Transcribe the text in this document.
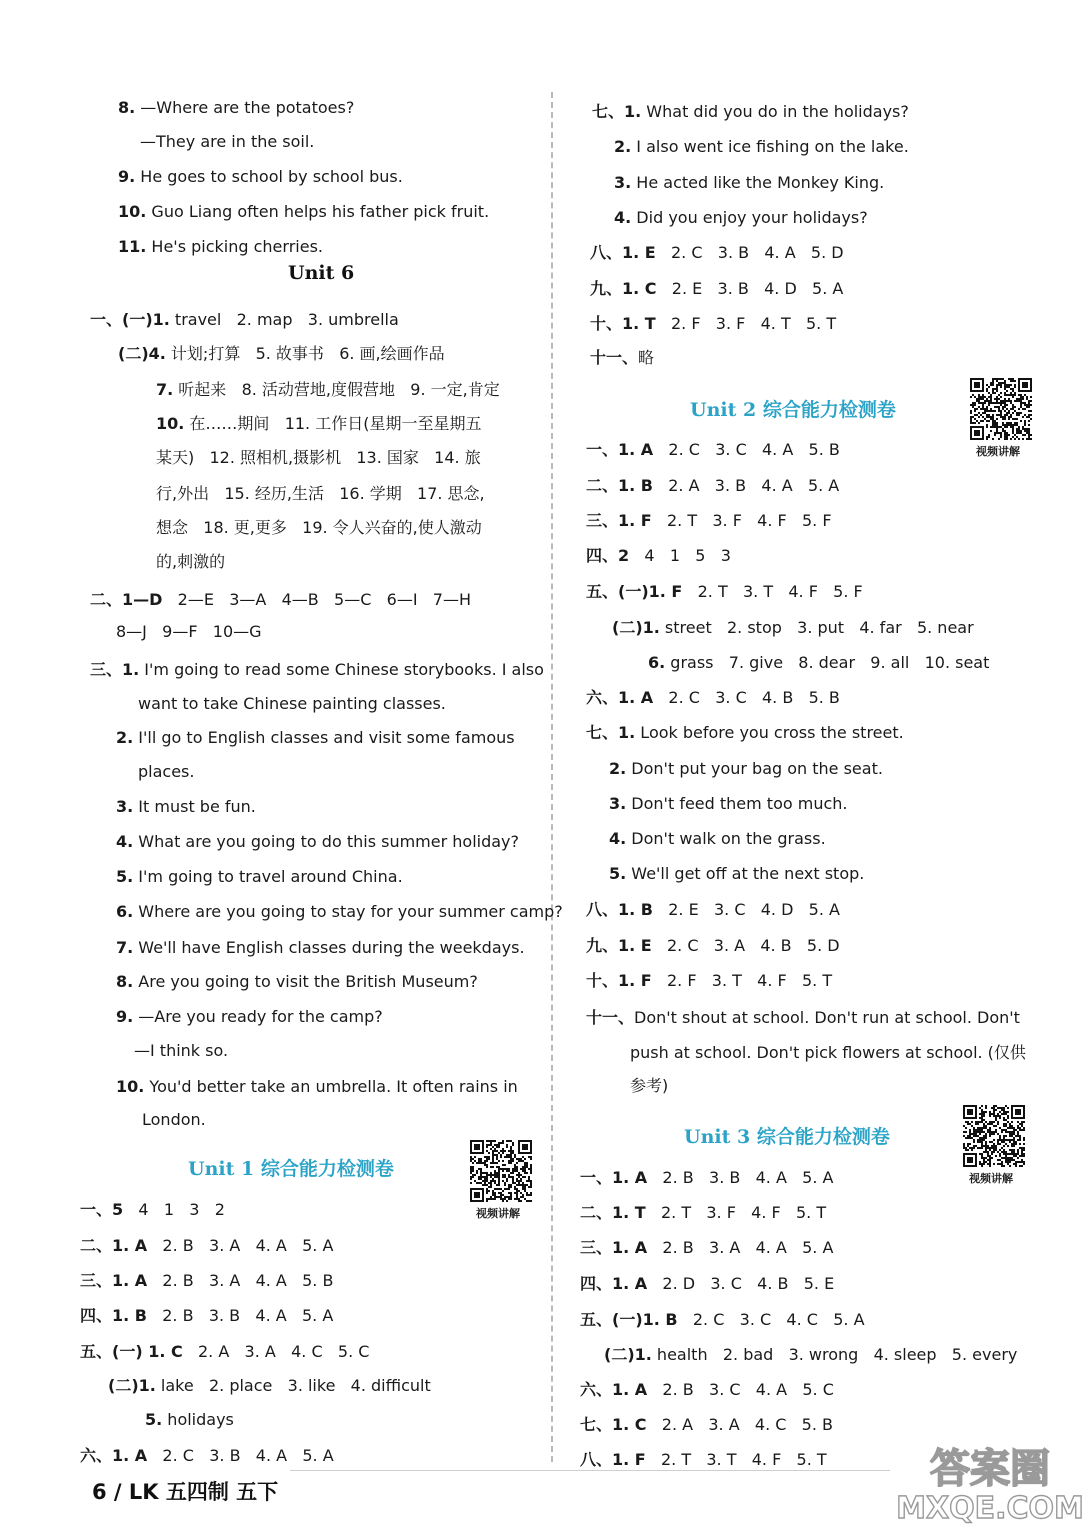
Unit 6
Unit 1 综合能力检测卷
Unit 2 综合能力检测卷
Unit 3 综合能力检测卷
视频讲解
视频讲解
视频讲解
6 / LK 五四制 五下	答案圈
MXQE.COM
8. —Where are the potatoes?
—They are in the soil.
9. He goes to school by school bus.
10. Guo Liang often helps his father pick fruit.
11. He's picking cherries.
一、(一)1. travel   2. map   3. umbrella
(二)4. 计划;打算   5. 故事书   6. 画,绘画作品
7. 听起来   8. 活动营地,度假营地   9. 一定,肯定
10. 在……期间   11. 工作日(星期一至星期五
某天)   12. 照相机,摄影机   13. 国家   14. 旅
行,外出   15. 经历,生活   16. 学期   17. 思念,
想念   18. 更,更多   19. 令人兴奋的,使人激动
的,刺激的
二、1—D   2—E   3—A   4—B   5—C   6—I   7—H
8—J   9—F   10—G
三、1. I'm going to read some Chinese storybooks. I also
want to take Chinese painting classes.
2. I'll go to English classes and visit some famous
places.
3. It must be fun.
4. What are you going to do this summer holiday?
5. I'm going to travel around China.
6. Where are you going to stay for your summer camp?
7. We'll have English classes during the weekdays.
8. Are you going to visit the British Museum?
9. —Are you ready for the camp?
—I think so.
10. You'd better take an umbrella. It often rains in
London.
一、5   4   1   3   2
二、1. A   2. B   3. A   4. A   5. A
三、1. A   2. B   3. A   4. A   5. B
四、1. B   2. B   3. B   4. A   5. A
五、(一) 1. C   2. A   3. A   4. C   5. C
(二)1. lake   2. place   3. like   4. difficult
5. holidays
六、1. A   2. C   3. B   4. A   5. A
七、1. What did you do in the holidays?
2. I also went ice fishing on the lake.
3. He acted like the Monkey King.
4. Did you enjoy your holidays?
八、1. E   2. C   3. B   4. A   5. D
九、1. C   2. E   3. B   4. D   5. A
十、1. T   2. F   3. F   4. T   5. T
十一、略
一、1. A   2. C   3. C   4. A   5. B
二、1. B   2. A   3. B   4. A   5. A
三、1. F   2. T   3. F   4. F   5. F
四、2   4   1   5   3
五、(一)1. F   2. T   3. T   4. F   5. F
(二)1. street   2. stop   3. put   4. far   5. near
6. grass   7. give   8. dear   9. all   10. seat
六、1. A   2. C   3. C   4. B   5. B
七、1. Look before you cross the street.
2. Don't put your bag on the seat.
3. Don't feed them too much.
4. Don't walk on the grass.
5. We'll get off at the next stop.
八、1. B   2. E   3. C   4. D   5. A
九、1. E   2. C   3. A   4. B   5. D
十、1. F   2. F   3. T   4. F   5. T
十一、Don't shout at school. Don't run at school. Don't
push at school. Don't pick flowers at school. (仅供
参考)
一、1. A   2. B   3. B   4. A   5. A
二、1. T   2. T   3. F   4. F   5. T
三、1. A   2. B   3. A   4. A   5. A
四、1. A   2. D   3. C   4. B   5. E
五、(一)1. B   2. C   3. C   4. C   5. A
(二)1. health   2. bad   3. wrong   4. sleep   5. every
六、1. A   2. B   3. C   4. A   5. C
七、1. C   2. A   3. A   4. C   5. B
八、1. F   2. T   3. T   4. F   5. T
